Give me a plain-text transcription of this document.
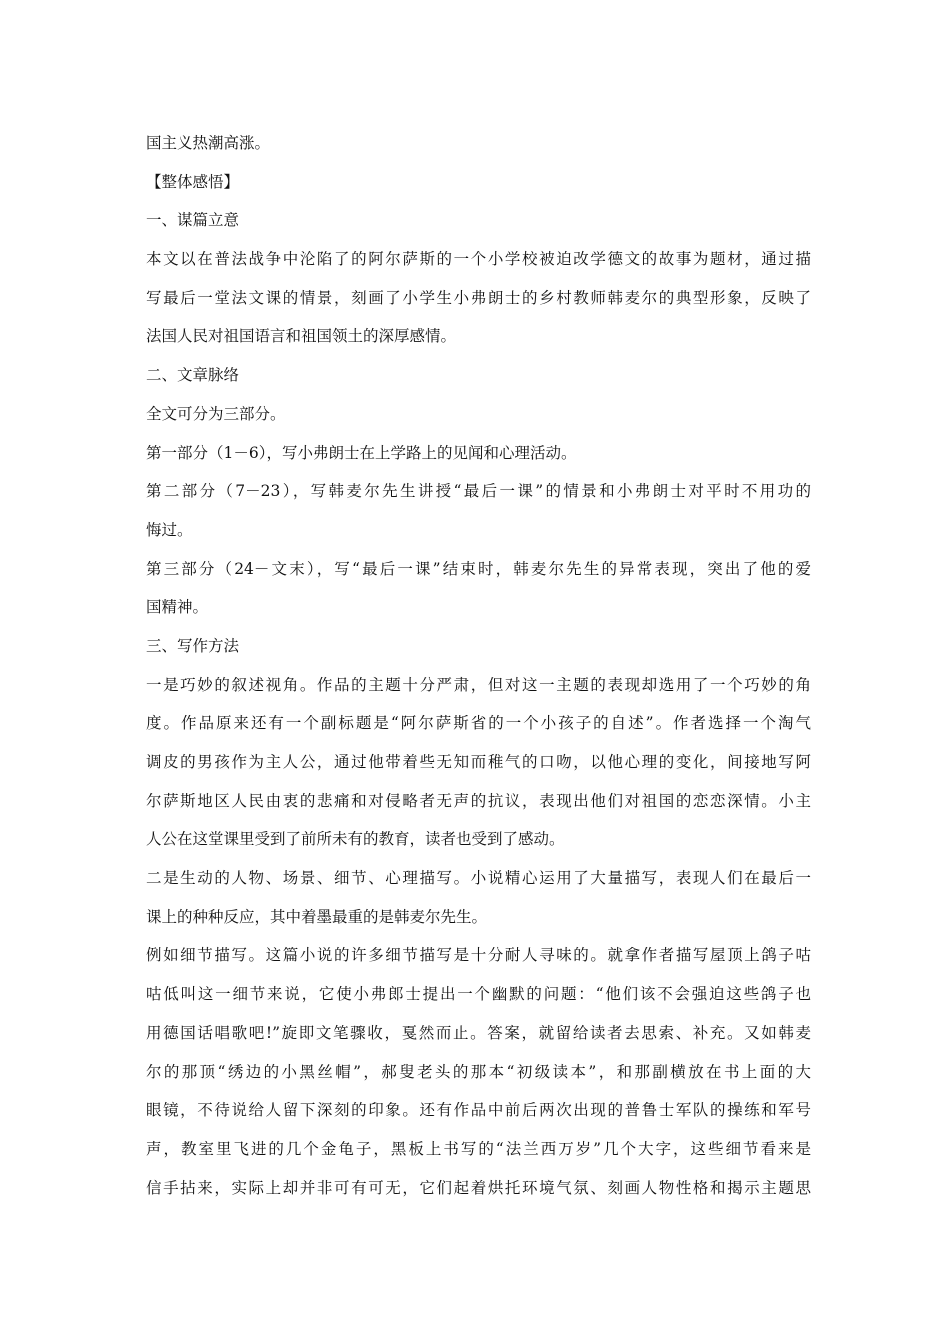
国主义热潮高涨。

【整体感悟】

一、谋篇立意

本文以在普法战争中沦陷了的阿尔萨斯的一个小学校被迫改学德文的故事为题材，通过描

写最后一堂法文课的情景，刻画了小学生小弗朗士的乡村教师韩麦尔的典型形象，反映了

法国人民对祖国语言和祖国领土的深厚感情。

二、文章脉络

全文可分为三部分。

第一部分（1－6），写小弗朗士在上学路上的见闻和心理活动。

第二部分（7－23），写韩麦尔先生讲授“最后一课”的情景和小弗朗士对平时不用功的

悔过。

第三部分（24－文末），写“最后一课”结束时，韩麦尔先生的异常表现，突出了他的爱

国精神。

三、写作方法

一是巧妙的叙述视角。作品的主题十分严肃，但对这一主题的表现却选用了一个巧妙的角

度。作品原来还有一个副标题是“阿尔萨斯省的一个小孩子的自述”。作者选择一个淘气

调皮的男孩作为主人公，通过他带着些无知而稚气的口吻，以他心理的变化，间接地写阿

尔萨斯地区人民由衷的悲痛和对侵略者无声的抗议，表现出他们对祖国的恋恋深情。小主

人公在这堂课里受到了前所未有的教育，读者也受到了感动。

二是生动的人物、场景、细节、心理描写。小说精心运用了大量描写，表现人们在最后一

课上的种种反应，其中着墨最重的是韩麦尔先生。

例如细节描写。这篇小说的许多细节描写是十分耐人寻味的。就拿作者描写屋顶上鸽子咕

咕低叫这一细节来说，它使小弗郎士提出一个幽默的问题：“他们该不会强迫这些鸽子也

用德国话唱歌吧!”旋即文笔骤收，戛然而止。答案，就留给读者去思索、补充。又如韩麦

尔的那顶“绣边的小黑丝帽”，郝叟老头的那本“初级读本”，和那副横放在书上面的大

眼镜，不待说给人留下深刻的印象。还有作品中前后两次出现的普鲁士军队的操练和军号

声，教室里飞进的几个金龟子，黑板上书写的“法兰西万岁”几个大字，这些细节看来是

信手拈来，实际上却并非可有可无，它们起着烘托环境气氛、刻画人物性格和揭示主题思
